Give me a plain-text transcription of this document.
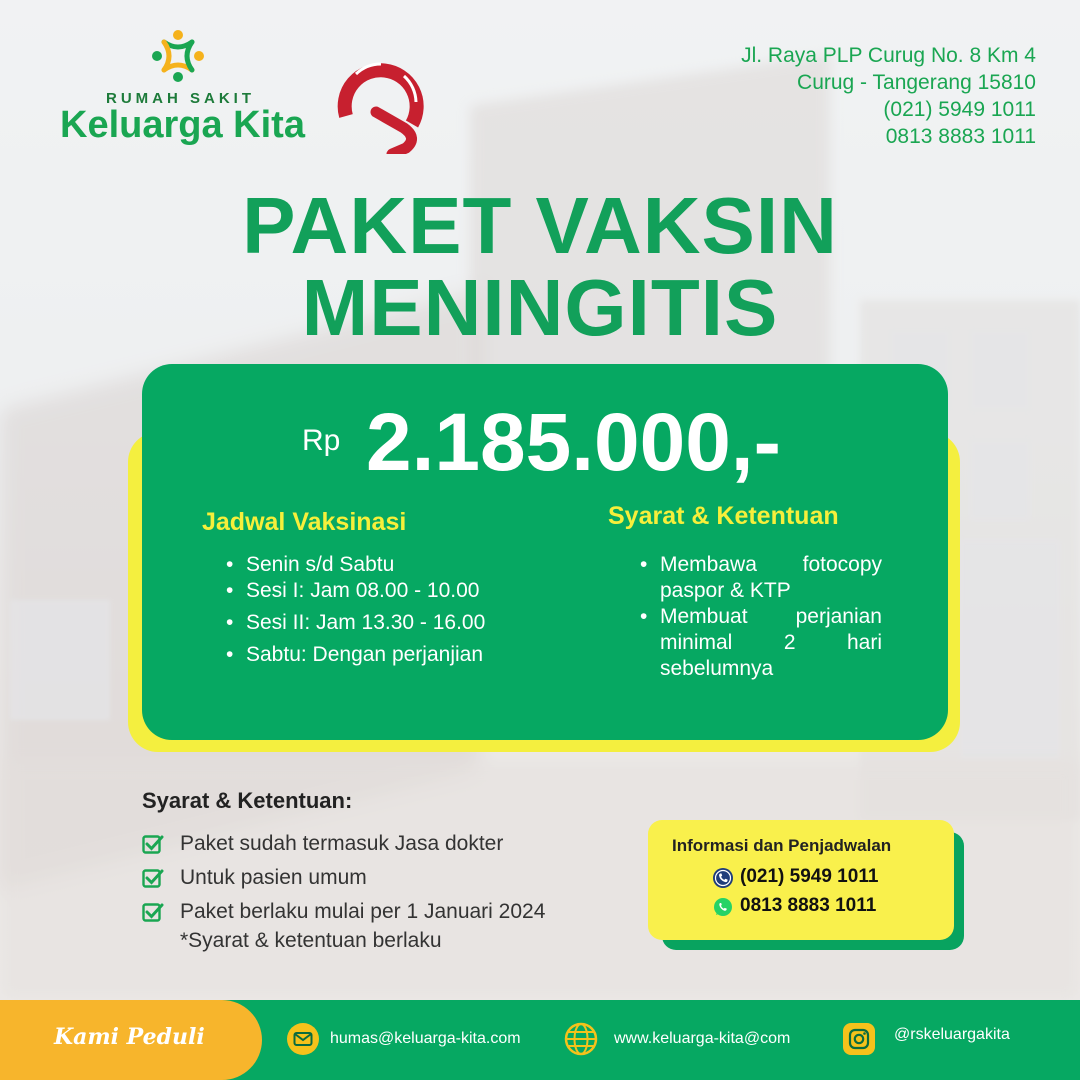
RUMAH SAKIT
Keluarga Kita
Jl. Raya PLP Curug No. 8 Km 4
Curug - Tangerang 15810
(021) 5949 1011
0813 8883 1011
PAKET VAKSIN
MENINGITIS
Rp 2.185.000,-
Jadwal Vaksinasi
• Senin s/d Sabtu
• Sesi I: Jam 08.00 - 10.00
• Sesi II: Jam 13.30 - 16.00
• Sabtu: Dengan perjanjian
Syarat & Ketentuan
• Membawa fotocopy paspor & KTP
• Membuat perjanian minimal 2 hari sebelumnya
Syarat & Ketentuan:
Paket sudah termasuk Jasa dokter
Untuk pasien umum
Paket berlaku mulai per 1 Januari 2024
*Syarat & ketentuan berlaku
Informasi dan Penjadwalan
(021) 5949 1011
0813 8883 1011
Kami Peduli	humas@keluarga-kita.com	www.keluarga-kita@com	@rskeluargakita
